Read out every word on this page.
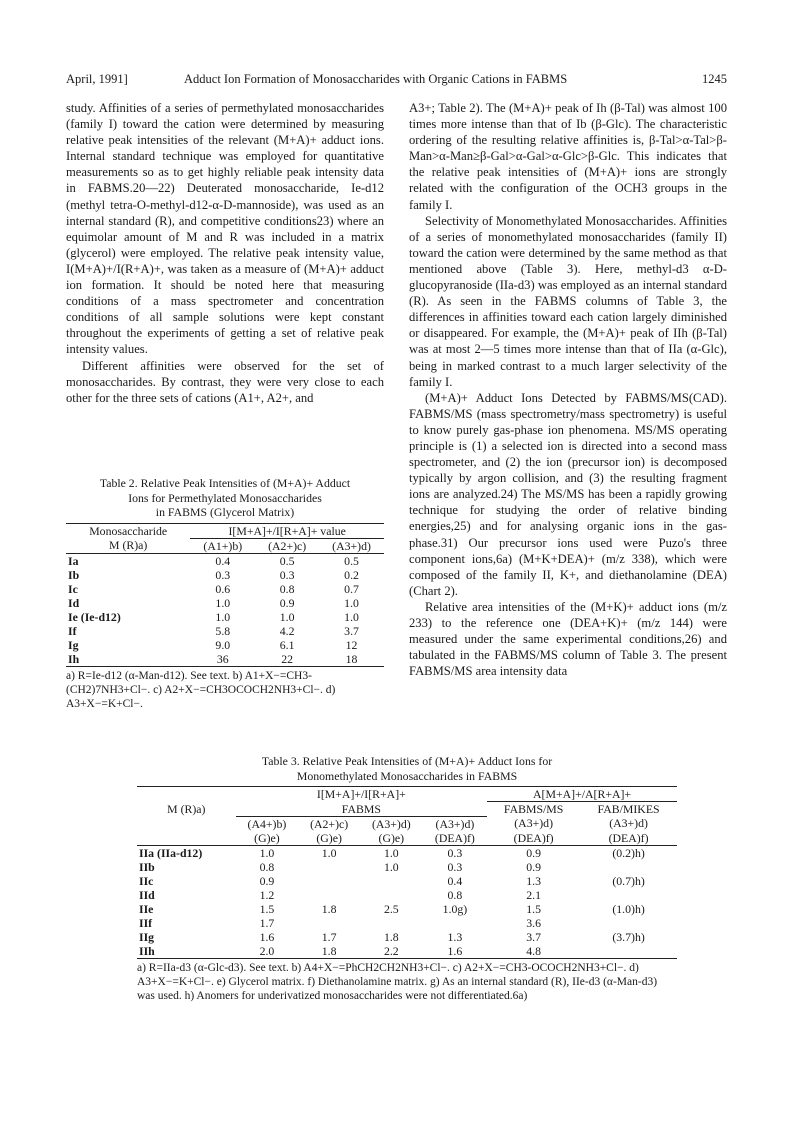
April, 1991]	Adduct Ion Formation of Monosaccharides with Organic Cations in FABMS	1245

study. Affinities of a series of permethylated monosaccharides (family I) toward the cation were determined by measuring relative peak intensities of the relevant (M+A)+ adduct ions. Internal standard technique was employed for quantitative measurements so as to get highly reliable peak intensity data in FABMS.20—22) Deuterated monosaccharide, Ie-d12 (methyl tetra-O-methyl-d12-α-D-mannoside), was used as an internal standard (R), and competitive conditions23) where an equimolar amount of M and R was included in a matrix (glycerol) were employed. The relative peak intensity value, I(M+A)+/I(R+A)+, was taken as a measure of (M+A)+ adduct ion formation. It should be noted here that measuring conditions of a mass spectrometer and concentration conditions of all sample solutions were kept constant throughout the experiments of getting a set of relative peak intensity values.

Different affinities were observed for the set of monosaccharides. By contrast, they were very close to each other for the three sets of cations (A1+, A2+, and

A3+; Table 2). The (M+A)+ peak of Ih (β-Tal) was almost 100 times more intense than that of Ib (β-Glc). The characteristic ordering of the resulting relative affinities is, β-Tal>α-Tal>β-Man>α-Man≥β-Gal>α-Gal>α-Glc>β-Glc. This indicates that the relative peak intensities of (M+A)+ ions are strongly related with the configuration of the OCH3 groups in the family I.

Selectivity of Monomethylated Monosaccharides. Affinities of a series of monomethylated monosaccharides (family II) toward the cation were determined by the same method as that mentioned above (Table 3). Here, methyl-d3 α-D-glucopyranoside (IIa-d3) was employed as an internal standard (R). As seen in the FABMS columns of Table 3, the differences in affinities toward each cation largely diminished or disappeared. For example, the (M+A)+ peak of IIh (β-Tal) was at most 2—5 times more intense than that of IIa (α-Glc), being in marked contrast to a much larger selectivity of the family I.

(M+A)+ Adduct Ions Detected by FABMS/MS(CAD). FABMS/MS (mass spectrometry/mass spectrometry) is useful to know purely gas-phase ion phenomena. MS/MS operating principle is (1) a selected ion is directed into a second mass spectrometer, and (2) the ion (precursor ion) is decomposed typically by argon collision, and (3) the resulting fragment ions are analyzed.24) The MS/MS has been a rapidly growing technique for studying the order of relative binding energies,25) and for analysing organic ions in the gas-phase.31) Our precursor ions used were Puzo's three component ions,6a) (M+K+DEA)+ (m/z 338), which were composed of the family II, K+, and diethanolamine (DEA) (Chart 2).

Relative area intensities of the (M+K)+ adduct ions (m/z 233) to the reference one (DEA+K)+ (m/z 144) were measured under the same experimental conditions,26) and tabulated in the FABMS/MS column of Table 3. The present FABMS/MS area intensity data

Table 2. Relative Peak Intensities of (M+A)+ Adduct
Ions for Permethylated Monosaccharides
in FABMS (Glycerol Matrix)
Monosaccharide	I[M+A]+/I[R+A]+ value		
M (R)a)	(A1+)b)	(A2+)c)	(A3+)d)
Ia	0.4	0.5	0.5
Ib	0.3	0.3	0.2
Ic	0.6	0.8	0.7
Id	1.0	0.9	1.0
Ie (Ie-d12)	1.0	1.0	1.0
If	5.8	4.2	3.7
Ig	9.0	6.1	12
Ih	36	22	18
a) R=Ie-d12 (α-Man-d12). See text. b) A1+X−=CH3-(CH2)7NH3+Cl−. c) A2+X−=CH3OCOCH2NH3+Cl−. d) A3+X−=K+Cl−.
Table 3. Relative Peak Intensities of (M+A)+ Adduct Ions for
Monomethylated Monosaccharides in FABMS
M (R)a)	I[M+A]+/I[R+A]+				A[M+A]+/A[R+A]+	
	FABMS				FABMS/MS	FAB/MIKES
	(A4+)b)	(A2+)c)	(A3+)d)	(A3+)d)	(A3+)d)	(A3+)d)
	(G)e)	(G)e)	(G)e)	(DEA)f)	(DEA)f)	(DEA)f)
IIa (IIa-d12)	1.0	1.0	1.0	0.3	0.9	(0.2)h)
IIb	0.8		1.0	0.3	0.9	
IIc	0.9			0.4	1.3	(0.7)h)
IId	1.2			0.8	2.1	
IIe	1.5	1.8	2.5	1.0g)	1.5	(1.0)h)
IIf	1.7				3.6	
IIg	1.6	1.7	1.8	1.3	3.7	(3.7)h)
IIh	2.0	1.8	2.2	1.6	4.8	
a) R=IIa-d3 (α-Glc-d3). See text. b) A4+X−=PhCH2CH2NH3+Cl−. c) A2+X−=CH3-OCOCH2NH3+Cl−. d) A3+X−=K+Cl−. e) Glycerol matrix. f) Diethanolamine matrix. g) As an internal standard (R), IIe-d3 (α-Man-d3) was used. h) Anomers for underivatized monosaccharides were not differentiated.6a)
